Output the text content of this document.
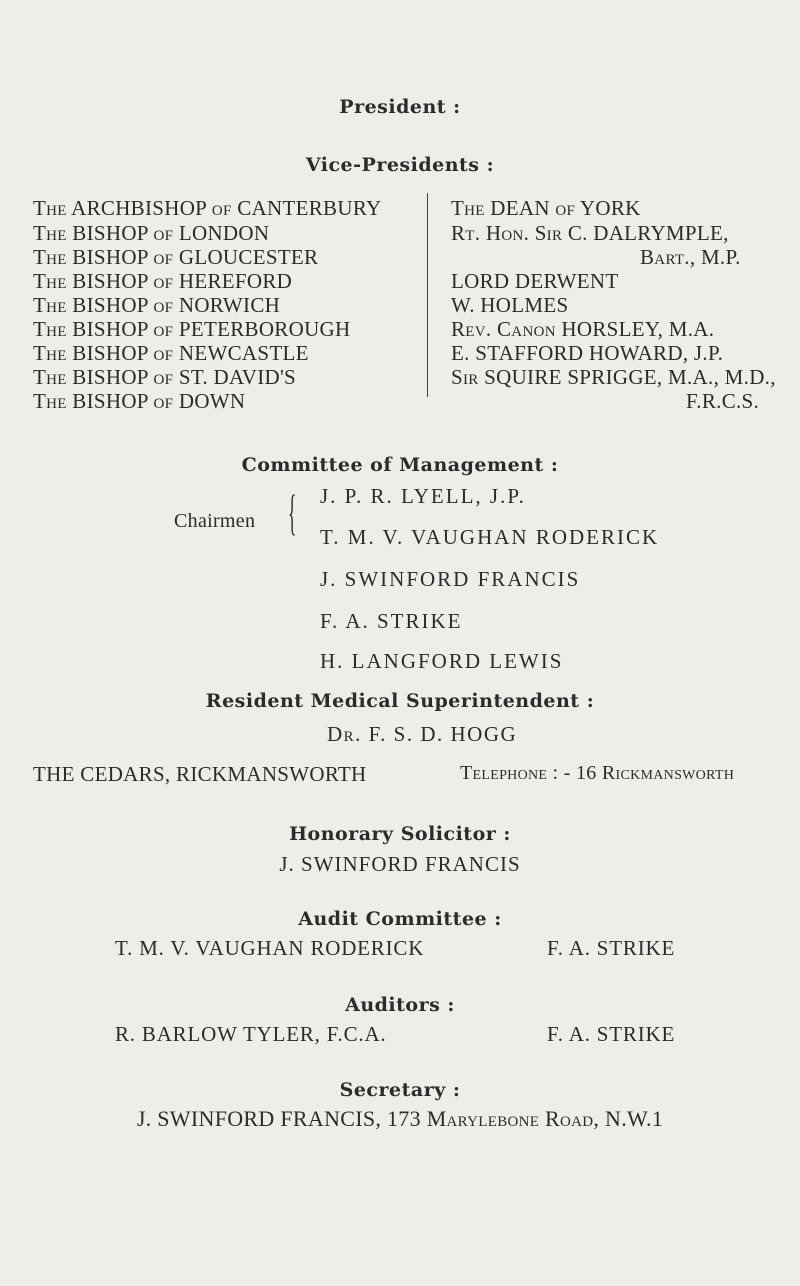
President :
Vice-Presidents :
The ARCHBISHOP of CANTERBURY
The BISHOP of LONDON
The BISHOP of GLOUCESTER
The BISHOP of HEREFORD
The BISHOP of NORWICH
The BISHOP of PETERBOROUGH
The BISHOP of NEWCASTLE
The BISHOP of ST. DAVID'S
The BISHOP of DOWN
The DEAN of YORK
Rt. Hon. Sir C. DALRYMPLE,
Bart., M.P.
LORD DERWENT
W. HOLMES
Rev. Canon HORSLEY, M.A.
E. STAFFORD HOWARD, J.P.
Sir SQUIRE SPRIGGE, M.A., M.D.,
F.R.C.S.
Committee of Management :
Chairmen { J. P. R. LYELL, J.P.
T. M. V. VAUGHAN RODERICK
J. SWINFORD FRANCIS
F. A. STRIKE
H. LANGFORD LEWIS
Resident Medical Superintendent :
Dr. F. S. D. HOGG
THE CEDARS, RICKMANSWORTH	Telephone : - 16 Rickmansworth
Honorary Solicitor :
J. SWINFORD FRANCIS
Audit Committee :
T. M. V. VAUGHAN RODERICK	F. A. STRIKE
Auditors :
R. BARLOW TYLER, F.C.A.	F. A. STRIKE
Secretary :
J. SWINFORD FRANCIS, 173 Marylebone Road, N.W.1
